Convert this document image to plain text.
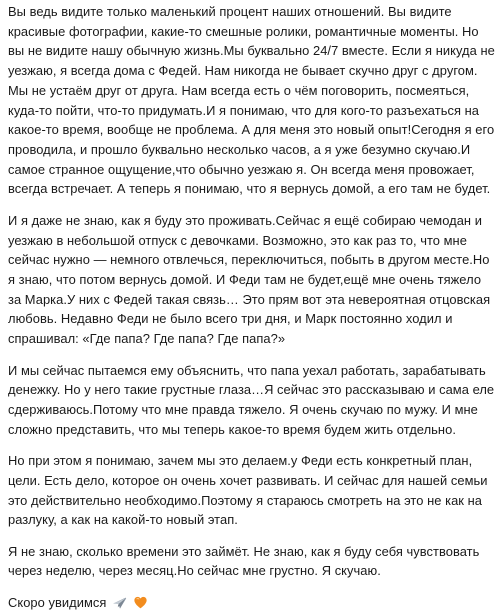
Вы ведь видите только маленький процент наших отношений. Вы видите красивые фотографии, какие-то смешные ролики, романтичные моменты. Но вы не видите нашу обычную жизнь.Мы буквально 24/7 вместе. Если я никуда не уезжаю, я всегда дома с Федей. Нам никогда не бывает скучно друг с другом. Мы не устаём друг от друга. Нам всегда есть о чём поговорить, посмеяться, куда-то пойти, что-то придумать.И я понимаю, что для кого-то разъехаться на какое-то время, вообще не проблема. А для меня это новый опыт!Сегодня я его проводила, и прошло буквально несколько часов, а я уже безумно скучаю.И самое странное ощущение,что обычно уезжаю я. Он всегда меня провожает, всегда встречает. А теперь я понимаю, что я вернусь домой, а его там не будет.
И я даже не знаю, как я буду это проживать.Сейчас я ещё собираю чемодан и уезжаю в небольшой отпуск с девочками. Возможно, это как раз то, что мне сейчас нужно — немного отвлечься, переключиться, побыть в другом месте.Но я знаю, что потом вернусь домой. И Феди там не будет,ещё мне очень тяжело за Марка.У них с Федей такая связь… Это прям вот эта невероятная отцовская любовь. Недавно Феди не было всего три дня, и Марк постоянно ходил и спрашивал: «Где папа? Где папа? Где папа?»
И мы сейчас пытаемся ему объяснить, что папа уехал работать, зарабатывать денежку. Но у него такие грустные глаза…Я сейчас это рассказываю и сама еле сдерживаюсь.Потому что мне правда тяжело. Я очень скучаю по мужу. И мне сложно представить, что мы теперь какое-то время будем жить отдельно.
Но при этом я понимаю, зачем мы это делаем.у Феди есть конкретный план, цели. Есть дело, которое он очень хочет развивать. И сейчас для нашей семьи это действительно необходимо.Поэтому я стараюсь смотреть на это не как на разлуку, а как на какой-то новый этап.
Я не знаю, сколько времени это займёт. Не знаю, как я буду себя чувствовать через неделю, через месяц.Но сейчас мне грустно. Я скучаю.
Скоро увидимся
